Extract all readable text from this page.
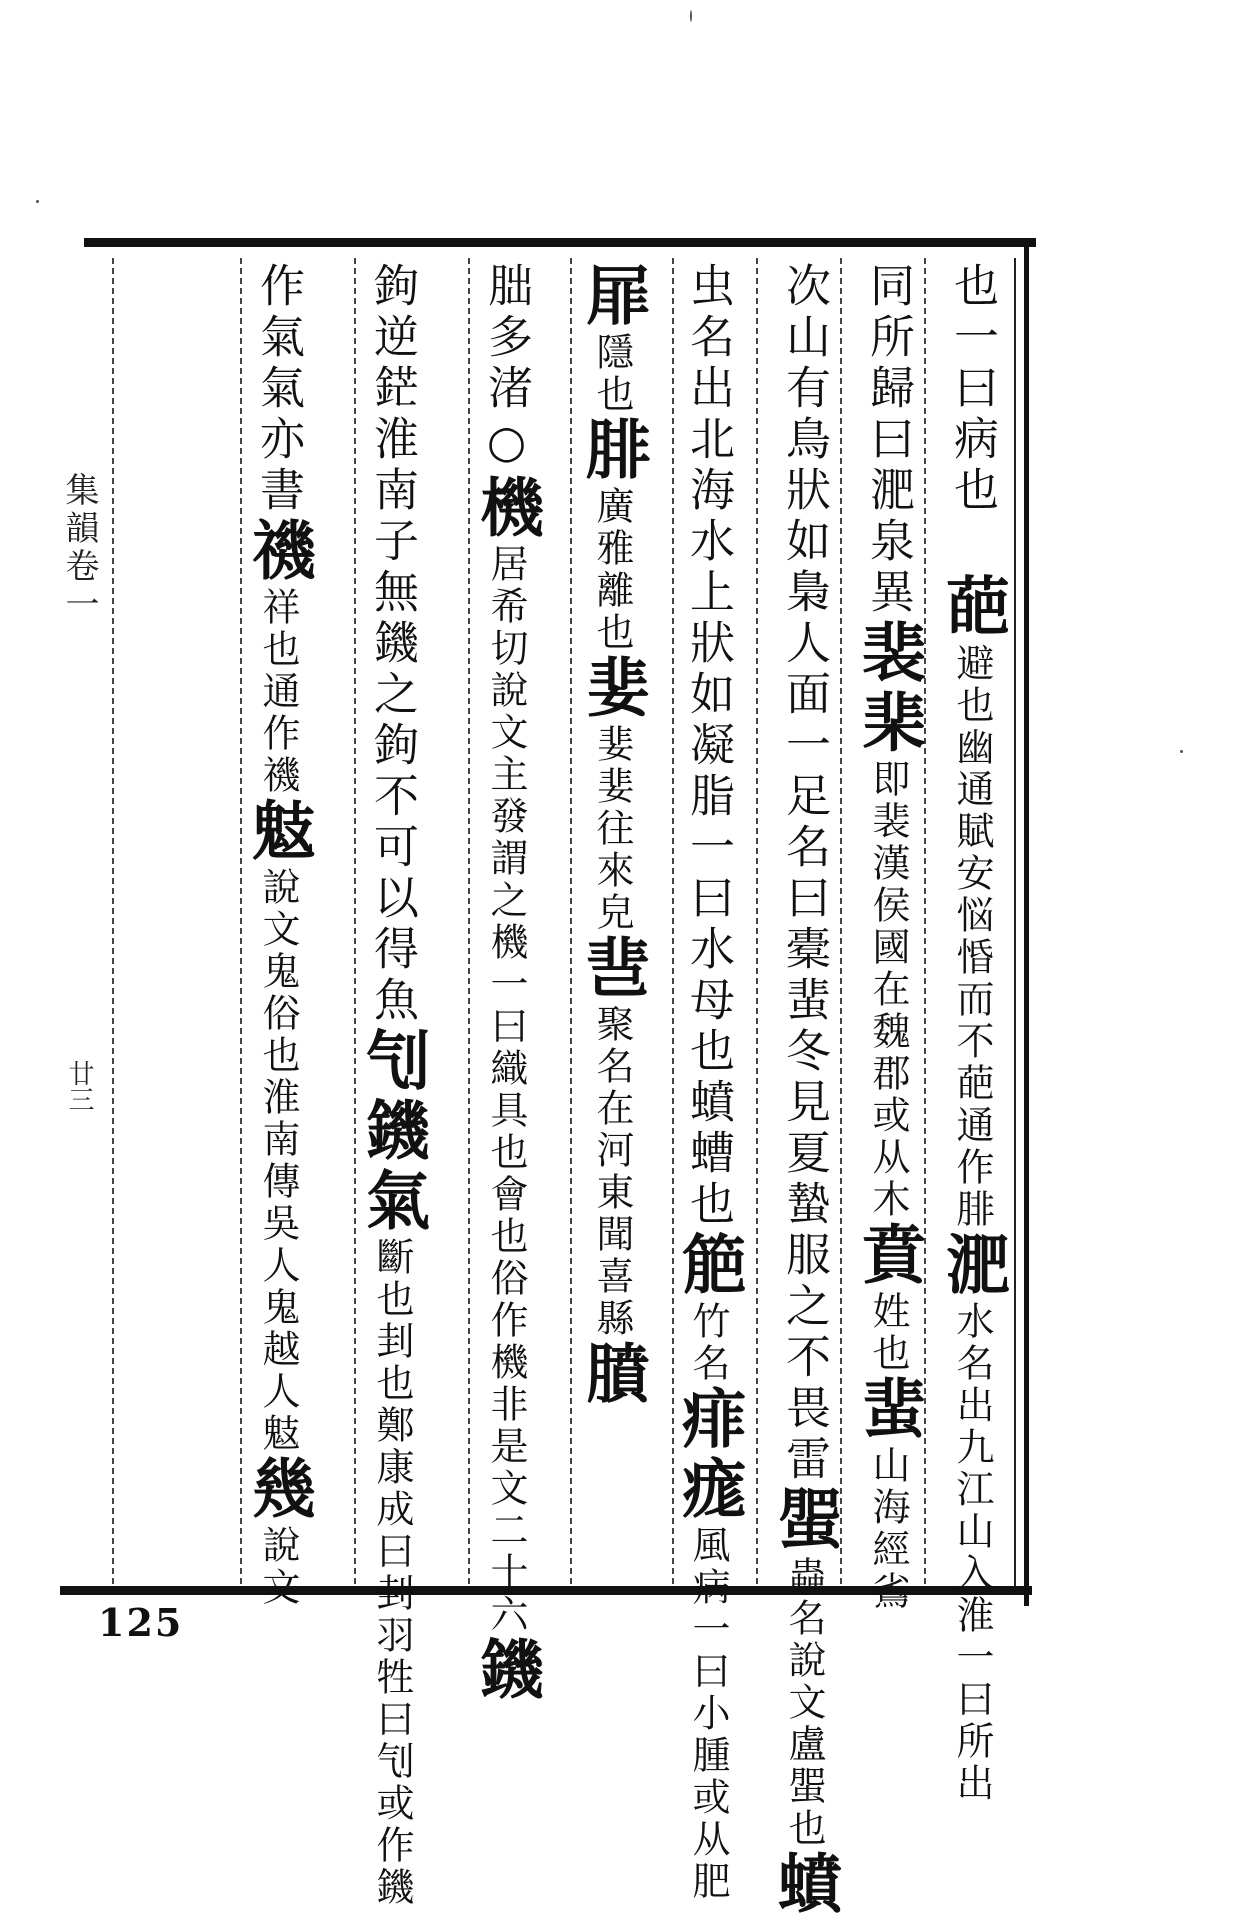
集韻卷一
廿三
也一曰病也葩避也幽通賦安悩惛而不葩通作腓淝水名出九江山入淮一曰所出
同所歸曰淝泉異裴棐即裴漢侯國在魏郡或从木賁姓也蜚山海經䲵
次山有鳥狀如梟人面一足名曰橐蜚冬見夏蟄服之不畏雷蜰蟲名說文盧蜰也蟦
虫名出北海水上狀如凝脂一曰水母也蟦螬也䈈竹名痱痝風病一曰小腫或从肥
屝隱也腓廣雅離也婓婓婓往來皃䨽聚名在河東聞喜縣膹
朏多渚○機居希切說文主發謂之機一曰織具也會也俗作機非是文二十六鐖
鉤逆鋩淮南子無鐖之鉤不可以得魚刏鐖氣斷也刲也鄭康成曰刲羽牲曰刏或作鐖
作氣氣亦書禨祥也通作禨鬾說文鬼俗也淮南傳吳人鬼越人鬾幾說文
125
